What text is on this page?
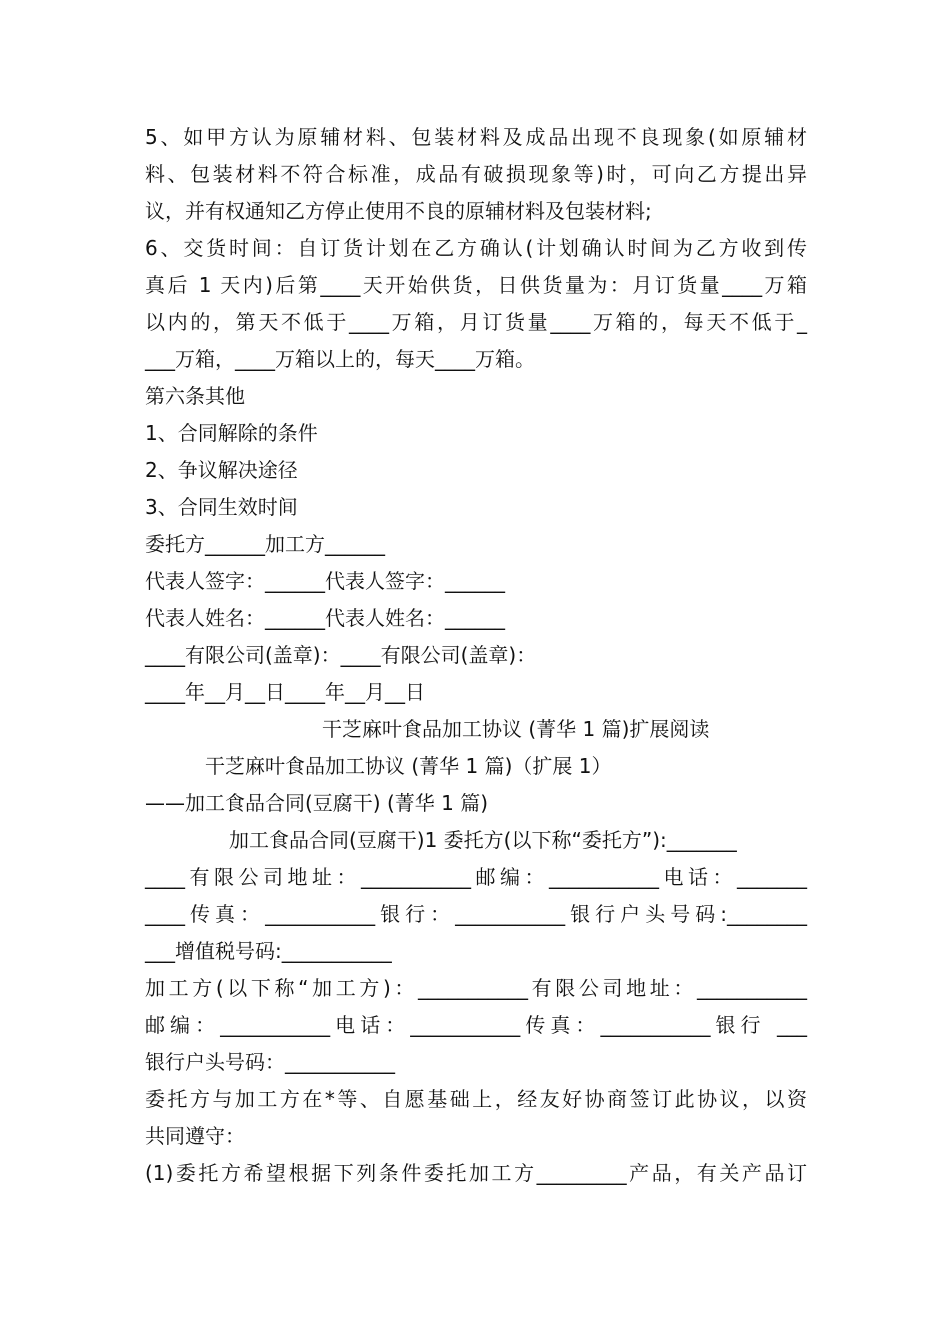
5、如甲方认为原辅材料、包装材料及成品出现不良现象(如原辅材

料、包装材料不符合标准，成品有破损现象等)时，可向乙方提出异

议，并有权通知乙方停止使用不良的原辅材料及包装材料;

6、交货时间：自订货计划在乙方确认(计划确认时间为乙方收到传

真后 1 天内)后第____天开始供货，日供货量为：月订货量____万箱

以内的，第天不低于____万箱，月订货量____万箱的，每天不低于_

___万箱，____万箱以上的，每天____万箱。

第六条其他

1、合同解除的条件

2、争议解决途径

3、合同生效时间

委托方______加工方______

代表人签字：______代表人签字：______

代表人姓名：______代表人姓名：______

____有限公司(盖章)：____有限公司(盖章)：

____年__月__日____年__月__日

干芝麻叶食品加工协议 (菁华 1 篇)扩展阅读

干芝麻叶食品加工协议 (菁华 1 篇)（扩展 1）

——加工食品合同(豆腐干) (菁华 1 篇)

加工食品合同(豆腐干)1 委托方(以下称“委托方”):_______

____有限公司地址：___________邮编：___________电话：_______

____传真：___________银行：___________银行户头号码:________

___增值税号码:___________

加工方(以下称“加工方)：___________有限公司地址：___________

邮编：___________电话：___________传真：___________银行 ___

银行户头号码：___________

委托方与加工方在*等、自愿基础上，经友好协商签订此协议，以资

共同遵守：

(1)委托方希望根据下列条件委托加工方_________产品，有关产品订
